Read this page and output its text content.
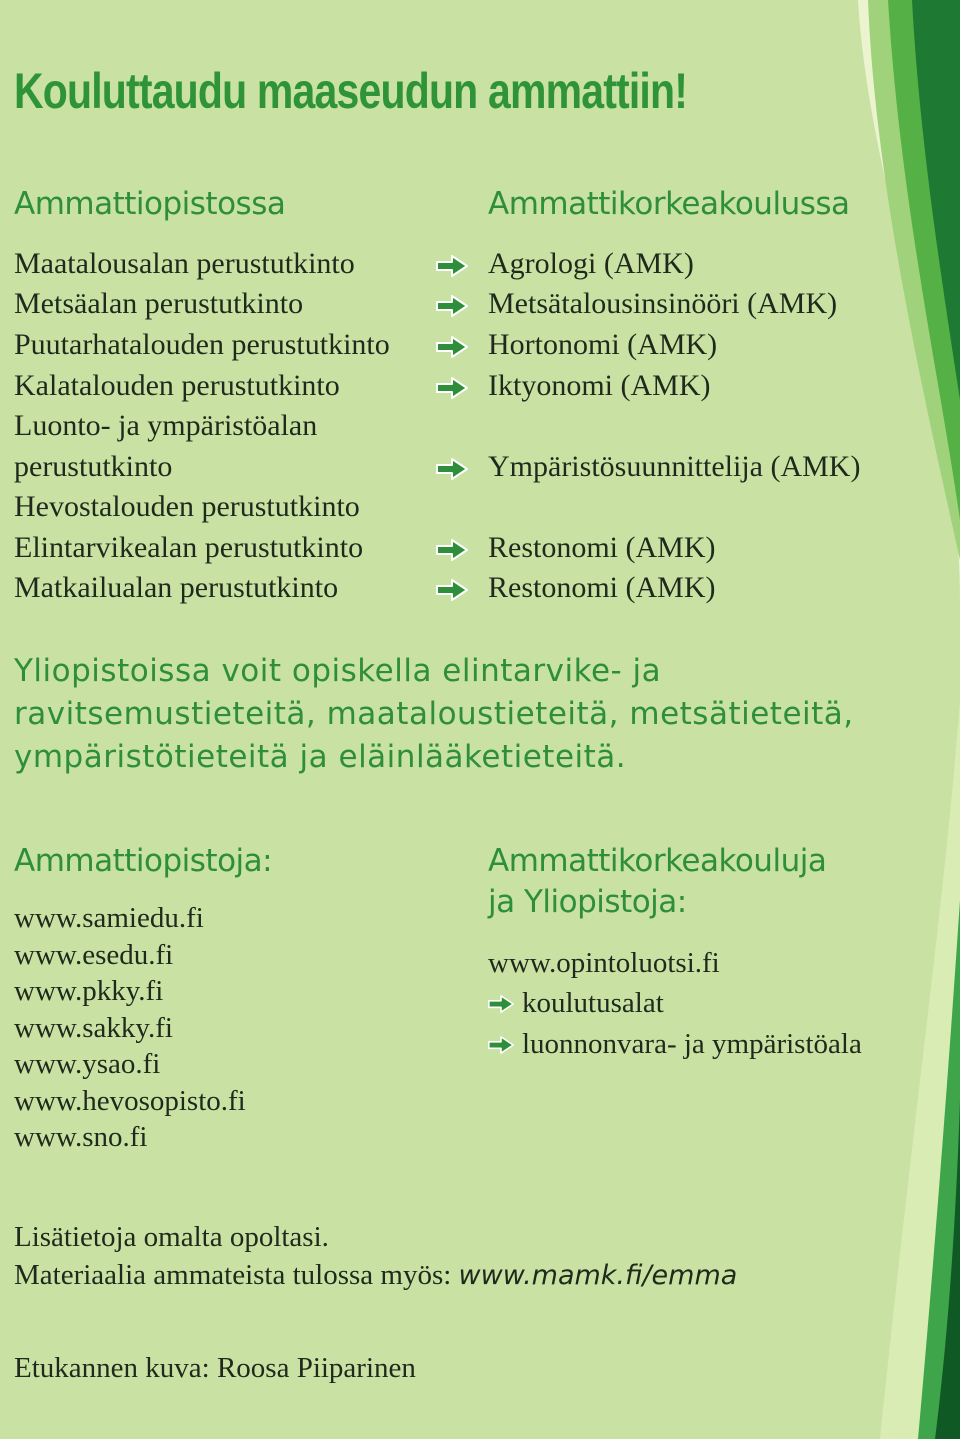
Kouluttaudu maaseudun ammattiin!
Ammattiopistossa	Ammattikorkeakoulussa
Maatalousalan perustutkinto	Agrologi (AMK)
Metsäalan perustutkinto	Metsätalousinsinööri (AMK)
Puutarhatalouden perustutkinto	Hortonomi (AMK)
Kalatalouden perustutkinto	Iktyonomi (AMK)
Luonto- ja ympäristöalan
perustutkinto	Ympäristösuunnittelija (AMK)
Hevostalouden perustutkinto
Elintarvikealan perustutkinto	Restonomi (AMK)
Matkailualan perustutkinto	Restonomi (AMK)
Yliopistoissa voit opiskella elintarvike- ja ravitsemustieteitä, maataloustieteitä, metsätieteitä, ympäristötieteitä ja eläinlääketieteitä.
Ammattiopistoja:
www.samiedu.fi
www.esedu.fi
www.pkky.fi
www.sakky.fi
www.ysao.fi
www.hevosopisto.fi
www.sno.fi
Ammattikorkeakouluja
ja Yliopistoja:
www.opintoluotsi.fi
koulutusalat
luonnonvara- ja ympäristöala
Lisätietoja omalta opoltasi.
Materiaalia ammateista tulossa myös: www.mamk.fi/emma
Etukannen kuva: Roosa Piiparinen
